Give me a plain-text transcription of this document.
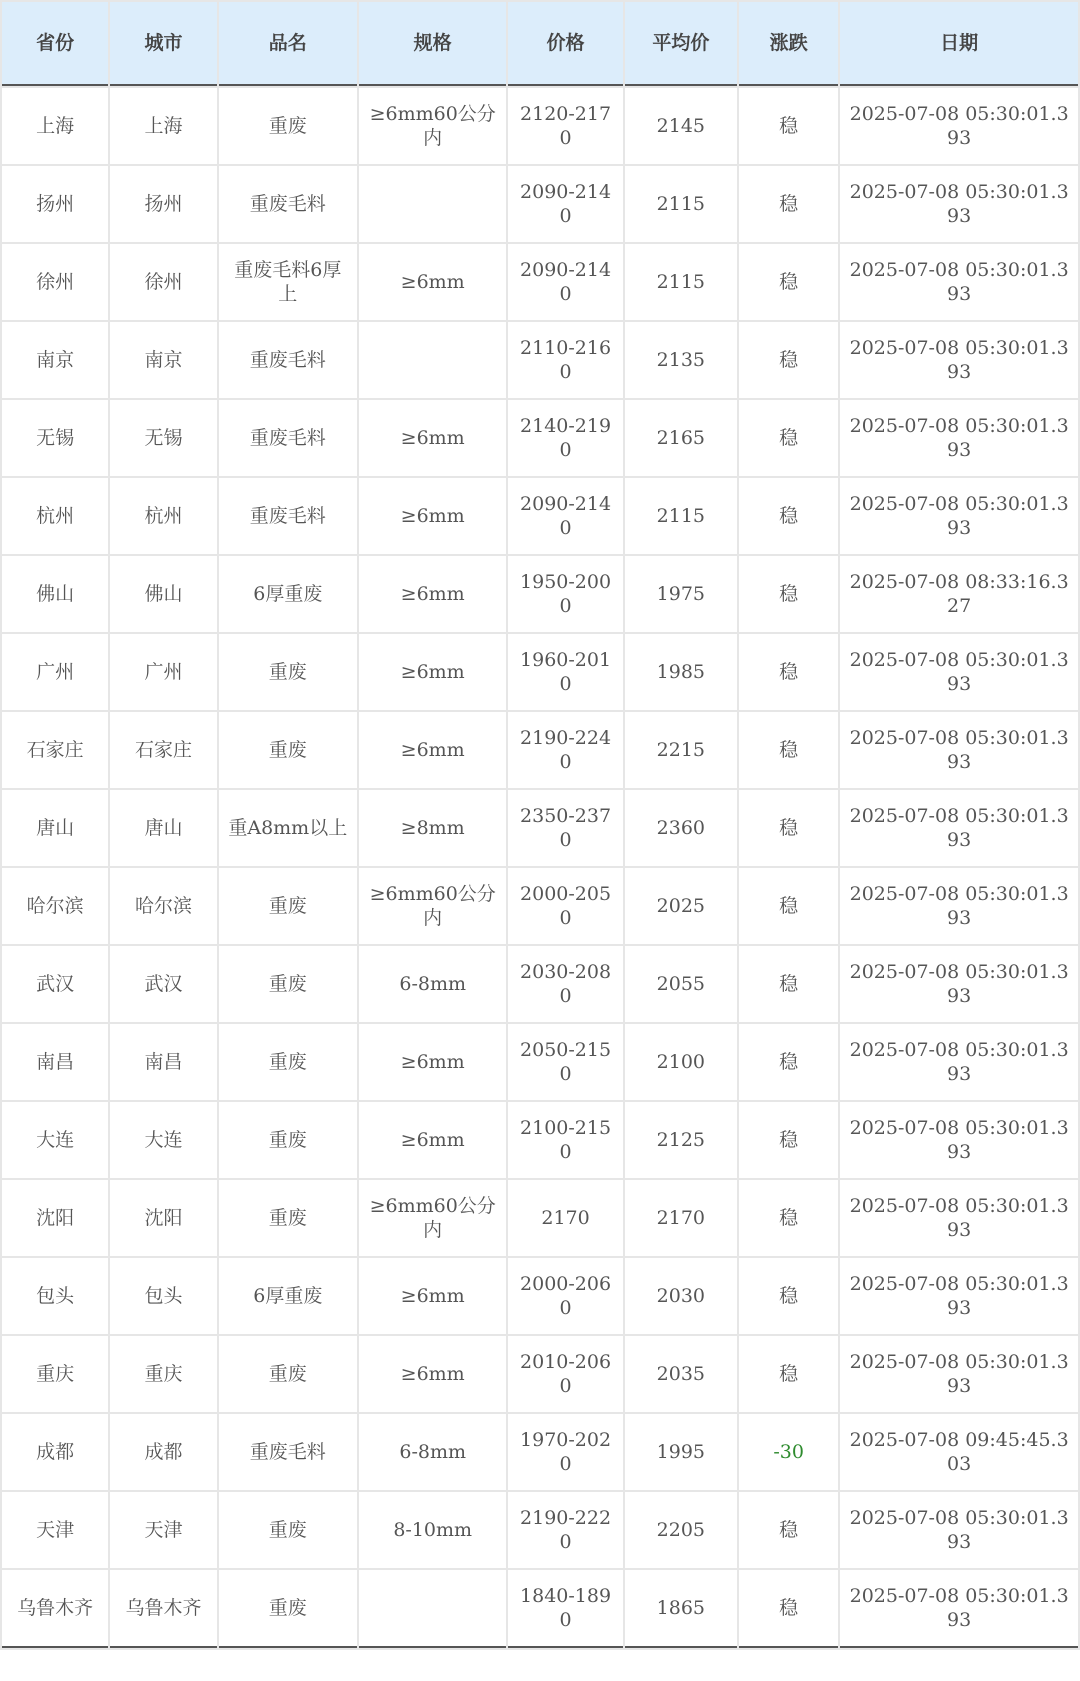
省份	城市	品名	规格	价格	平均价	涨跌	日期
上海	上海	重废	≥6mm60公分内	2120-2170	2145	稳	2025-07-08 05:30:01.393
扬州	扬州	重废毛料		2090-2140	2115	稳	2025-07-08 05:30:01.393
徐州	徐州	重废毛料6厚上	≥6mm	2090-2140	2115	稳	2025-07-08 05:30:01.393
南京	南京	重废毛料		2110-2160	2135	稳	2025-07-08 05:30:01.393
无锡	无锡	重废毛料	≥6mm	2140-2190	2165	稳	2025-07-08 05:30:01.393
杭州	杭州	重废毛料	≥6mm	2090-2140	2115	稳	2025-07-08 05:30:01.393
佛山	佛山	6厚重废	≥6mm	1950-2000	1975	稳	2025-07-08 08:33:16.327
广州	广州	重废	≥6mm	1960-2010	1985	稳	2025-07-08 05:30:01.393
石家庄	石家庄	重废	≥6mm	2190-2240	2215	稳	2025-07-08 05:30:01.393
唐山	唐山	重A8mm以上	≥8mm	2350-2370	2360	稳	2025-07-08 05:30:01.393
哈尔滨	哈尔滨	重废	≥6mm60公分内	2000-2050	2025	稳	2025-07-08 05:30:01.393
武汉	武汉	重废	6-8mm	2030-2080	2055	稳	2025-07-08 05:30:01.393
南昌	南昌	重废	≥6mm	2050-2150	2100	稳	2025-07-08 05:30:01.393
大连	大连	重废	≥6mm	2100-2150	2125	稳	2025-07-08 05:30:01.393
沈阳	沈阳	重废	≥6mm60公分内	2170	2170	稳	2025-07-08 05:30:01.393
包头	包头	6厚重废	≥6mm	2000-2060	2030	稳	2025-07-08 05:30:01.393
重庆	重庆	重废	≥6mm	2010-2060	2035	稳	2025-07-08 05:30:01.393
成都	成都	重废毛料	6-8mm	1970-2020	1995	-30	2025-07-08 09:45:45.303
天津	天津	重废	8-10mm	2190-2220	2205	稳	2025-07-08 05:30:01.393
乌鲁木齐	乌鲁木齐	重废		1840-1890	1865	稳	2025-07-08 05:30:01.393
